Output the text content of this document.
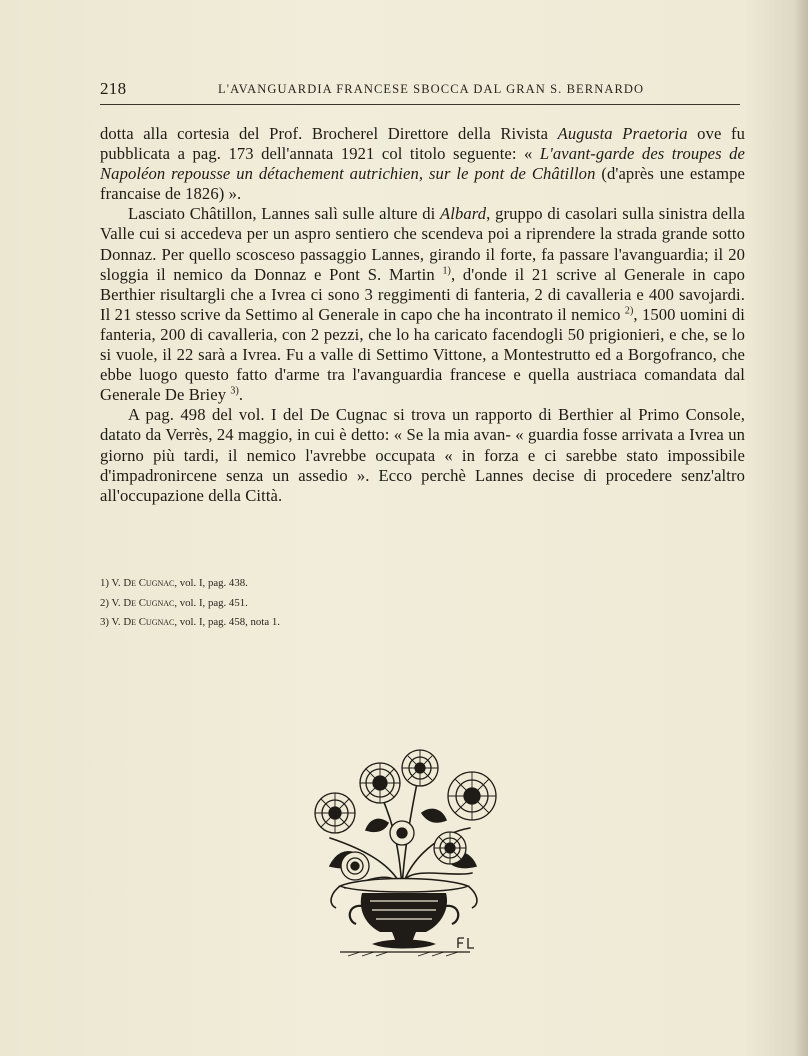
218	L'AVANGUARDIA FRANCESE SBOCCA DAL GRAN S. BERNARDO

dotta alla cortesia del Prof. Brocherel Direttore della Rivista Augusta Praetoria ove fu pubblicata a pag. 173 dell'annata 1921 col titolo seguente: « L'avant-garde des troupes de Napoléon repousse un détachement autrichien, sur le pont de Châtillon (d'après une estampe francaise de 1826) ».

Lasciato Châtillon, Lannes salì sulle alture di Albard, gruppo di casolari sulla sinistra della Valle cui si accedeva per un aspro sentiero che scendeva poi a riprendere la strada grande sotto Donnaz. Per quello scosceso passaggio Lannes, girando il forte, fa passare l'avanguardia; il 20 sloggia il nemico da Donnaz e Pont S. Martin $^{1)}$, d'onde il 21 scrive al Generale in capo Berthier risultargli che a Ivrea ci sono 3 reggimenti di fanteria, 2 di cavalleria e 400 savojardi. Il 21 stesso scrive da Settimo al Generale in capo che ha incontrato il nemico $^{2)}$, 1500 uomini di fanteria, 200 di cavalleria, con 2 pezzi, che lo ha caricato facendogli 50 prigionieri, e che, se lo si vuole, il 22 sarà a Ivrea. Fu a valle di Settimo Vittone, a Montestrutto ed a Borgofranco, che ebbe luogo questo fatto d'arme tra l'avanguardia francese e quella austriaca comandata dal Generale De Briey $^{3)}$.

A pag. 498 del vol. I del De Cugnac si trova un rapporto di Berthier al Primo Console, datato da Verrès, 24 maggio, in cui è detto: « Se la mia avan- « guardia fosse arrivata a Ivrea un giorno più tardi, il nemico l'avrebbe occupata « in forza e ci sarebbe stato impossibile d'impadronircene senza un assedio ». Ecco perchè Lannes decise di procedere senz'altro all'occupazione della Città.

1) V. De Cugnac, vol. I, pag. 438.
2) V. De Cugnac, vol. I, pag. 451.
3) V. De Cugnac, vol. I, pag. 458, nota 1.
